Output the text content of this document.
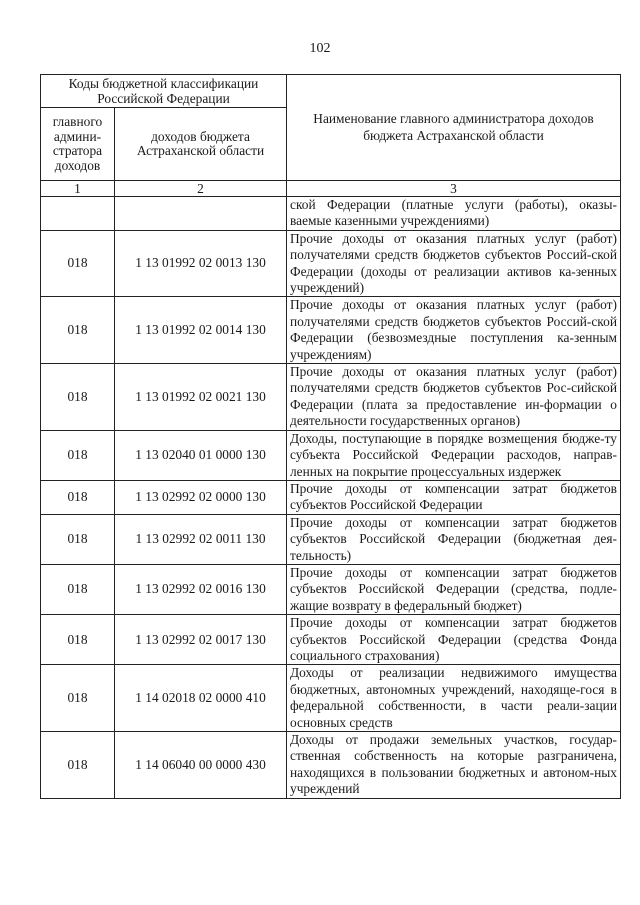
102
Коды бюджетной классификации Российской Федерации		Наименование главного администратора доходов бюджета Астраханской области
главного админи-стратора доходов	доходов бюджета Астраханской области	
1	2	3
		ской Федерации (платные услуги (работы), оказы-ваемые казенными учреждениями)
018	1 13 01992 02 0013 130	Прочие доходы от оказания платных услуг (работ) получателями средств бюджетов субъектов Россий-ской Федерации (доходы от реализации активов ка-зенных учреждений)
018	1 13 01992 02 0014 130	Прочие доходы от оказания платных услуг (работ) получателями средств бюджетов субъектов Россий-ской Федерации (безвозмездные поступления ка-зенным учреждениям)
018	1 13 01992 02 0021 130	Прочие доходы от оказания платных услуг (работ) получателями средств бюджетов субъектов Рос-сийской Федерации (плата за предоставление ин-формации о деятельности государственных органов)
018	1 13 02040 01 0000 130	Доходы, поступающие в порядке возмещения бюдже-ту субъекта Российской Федерации расходов, направ-ленных на покрытие процессуальных издержек
018	1 13 02992 02 0000 130	Прочие доходы от компенсации затрат бюджетов субъектов Российской Федерации
018	1 13 02992 02 0011 130	Прочие доходы от компенсации затрат бюджетов субъектов Российской Федерации (бюджетная дея-тельность)
018	1 13 02992 02 0016 130	Прочие доходы от компенсации затрат бюджетов субъектов Российской Федерации (средства, подле-жащие возврату в федеральный бюджет)
018	1 13 02992 02 0017 130	Прочие доходы от компенсации затрат бюджетов субъектов Российской Федерации (средства Фонда социального страхования)
018	1 14 02018 02 0000 410	Доходы от реализации недвижимого имущества бюджетных, автономных учреждений, находяще-гося в федеральной собственности, в части реали-зации основных средств
018	1 14 06040 00 0000 430	Доходы от продажи земельных участков, государ-ственная собственность на которые разграничена, находящихся в пользовании бюджетных и автоном-ных учреждений
